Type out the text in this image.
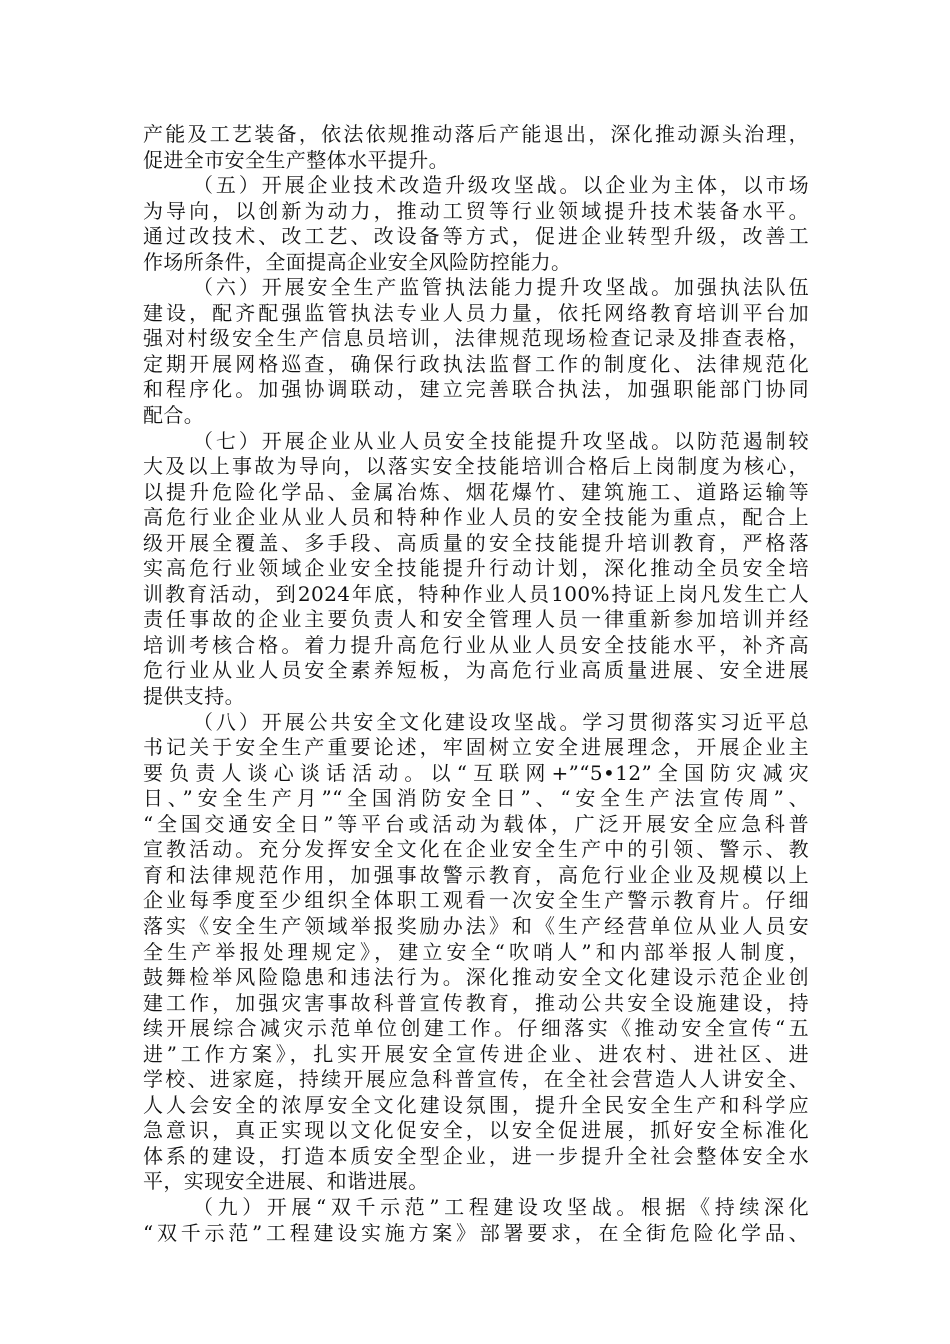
产能及工艺装备，依法依规推动落后产能退出，深化推动源头治理，
促进全市安全生产整体水平提升。
（五）开展企业技术改造升级攻坚战。以企业为主体，以市场
为导向，以创新为动力，推动工贸等行业领域提升技术装备水平。
通过改技术、改工艺、改设备等方式，促进企业转型升级，改善工
作场所条件，全面提高企业安全风险防控能力。
（六）开展安全生产监管执法能力提升攻坚战。加强执法队伍
建设，配齐配强监管执法专业人员力量，依托网络教育培训平台加
强对村级安全生产信息员培训，法律规范现场检查记录及排查表格，
定期开展网格巡查，确保行政执法监督工作的制度化、法律规范化
和程序化。加强协调联动，建立完善联合执法，加强职能部门协同
配合。
（七）开展企业从业人员安全技能提升攻坚战。以防范遏制较
大及以上事故为导向，以落实安全技能培训合格后上岗制度为核心，
以提升危险化学品、金属冶炼、烟花爆竹、建筑施工、道路运输等
高危行业企业从业人员和特种作业人员的安全技能为重点，配合上
级开展全覆盖、多手段、高质量的安全技能提升培训教育，严格落
实高危行业领域企业安全技能提升行动计划，深化推动全员安全培
训教育活动，到2024年底，特种作业人员100%持证上岗凡发生亡人
责任事故的企业主要负责人和安全管理人员一律重新参加培训并经
培训考核合格。着力提升高危行业从业人员安全技能水平，补齐高
危行业从业人员安全素养短板，为高危行业高质量进展、安全进展
提供支持。
（八）开展公共安全文化建设攻坚战。学习贯彻落实习近平总
书记关于安全生产重要论述，牢固树立安全进展理念，开展企业主
要负责人谈心谈话活动。以“互联网+”“5•12”全国防灾减灾
日、”安全生产月”“全国消防安全日”、“安全生产法宣传周”、
“全国交通安全日”等平台或活动为载体，广泛开展安全应急科普
宣教活动。充分发挥安全文化在企业安全生产中的引领、警示、教
育和法律规范作用，加强事故警示教育，高危行业企业及规模以上
企业每季度至少组织全体职工观看一次安全生产警示教育片。仔细
落实《安全生产领域举报奖励办法》和《生产经营单位从业人员安
全生产举报处理规定》，建立安全“吹哨人”和内部举报人制度，
鼓舞检举风险隐患和违法行为。深化推动安全文化建设示范企业创
建工作，加强灾害事故科普宣传教育，推动公共安全设施建设，持
续开展综合减灾示范单位创建工作。仔细落实《推动安全宣传“五
进”工作方案》，扎实开展安全宣传进企业、进农村、进社区、进
学校、进家庭，持续开展应急科普宣传，在全社会营造人人讲安全、
人人会安全的浓厚安全文化建设氛围，提升全民安全生产和科学应
急意识，真正实现以文化促安全，以安全促进展，抓好安全标准化
体系的建设，打造本质安全型企业，进一步提升全社会整体安全水
平，实现安全进展、和谐进展。
（九）开展“双千示范”工程建设攻坚战。根据《持续深化
“双千示范”工程建设实施方案》部署要求，在全街危险化学品、
